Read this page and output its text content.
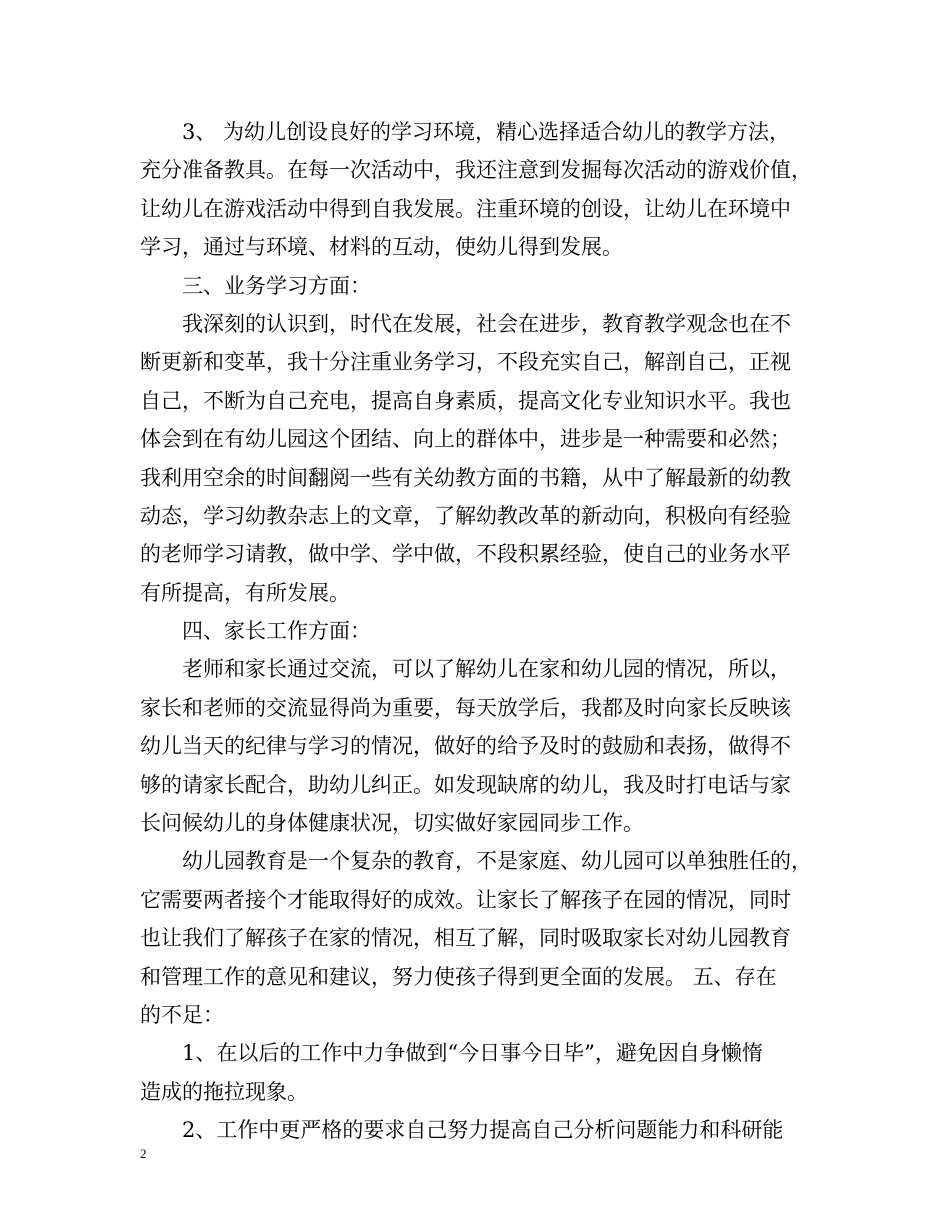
3、 为幼儿创设良好的学习环境，精心选择适合幼儿的教学方法，
充分准备教具。在每一次活动中，我还注意到发掘每次活动的游戏价值，
让幼儿在游戏活动中得到自我发展。注重环境的创设，让幼儿在环境中
学习，通过与环境、材料的互动，使幼儿得到发展。
三、业务学习方面：
我深刻的认识到，时代在发展，社会在进步，教育教学观念也在不
断更新和变革，我十分注重业务学习，不段充实自己，解剖自己，正视
自己，不断为自己充电，提高自身素质，提高文化专业知识水平。我也
体会到在有幼儿园这个团结、向上的群体中，进步是一种需要和必然；
我利用空余的时间翻阅一些有关幼教方面的书籍，从中了解最新的幼教
动态，学习幼教杂志上的文章，了解幼教改革的新动向，积极向有经验
的老师学习请教，做中学、学中做，不段积累经验，使自己的业务水平
有所提高，有所发展。
四、家长工作方面：
老师和家长通过交流，可以了解幼儿在家和幼儿园的情况，所以，
家长和老师的交流显得尚为重要，每天放学后，我都及时向家长反映该
幼儿当天的纪律与学习的情况，做好的给予及时的鼓励和表扬，做得不
够的请家长配合，助幼儿纠正。如发现缺席的幼儿，我及时打电话与家
长问候幼儿的身体健康状况，切实做好家园同步工作。
幼儿园教育是一个复杂的教育，不是家庭、幼儿园可以单独胜任的，
它需要两者接个才能取得好的成效。让家长了解孩子在园的情况，同时
也让我们了解孩子在家的情况，相互了解，同时吸取家长对幼儿园教育
和管理工作的意见和建议，努力使孩子得到更全面的发展。 五、存在
的不足：
1、在以后的工作中力争做到“今日事今日毕”，避免因自身懒惰
造成的拖拉现象。
2、工作中更严格的要求自己努力提高自己分析问题能力和科研能
2
